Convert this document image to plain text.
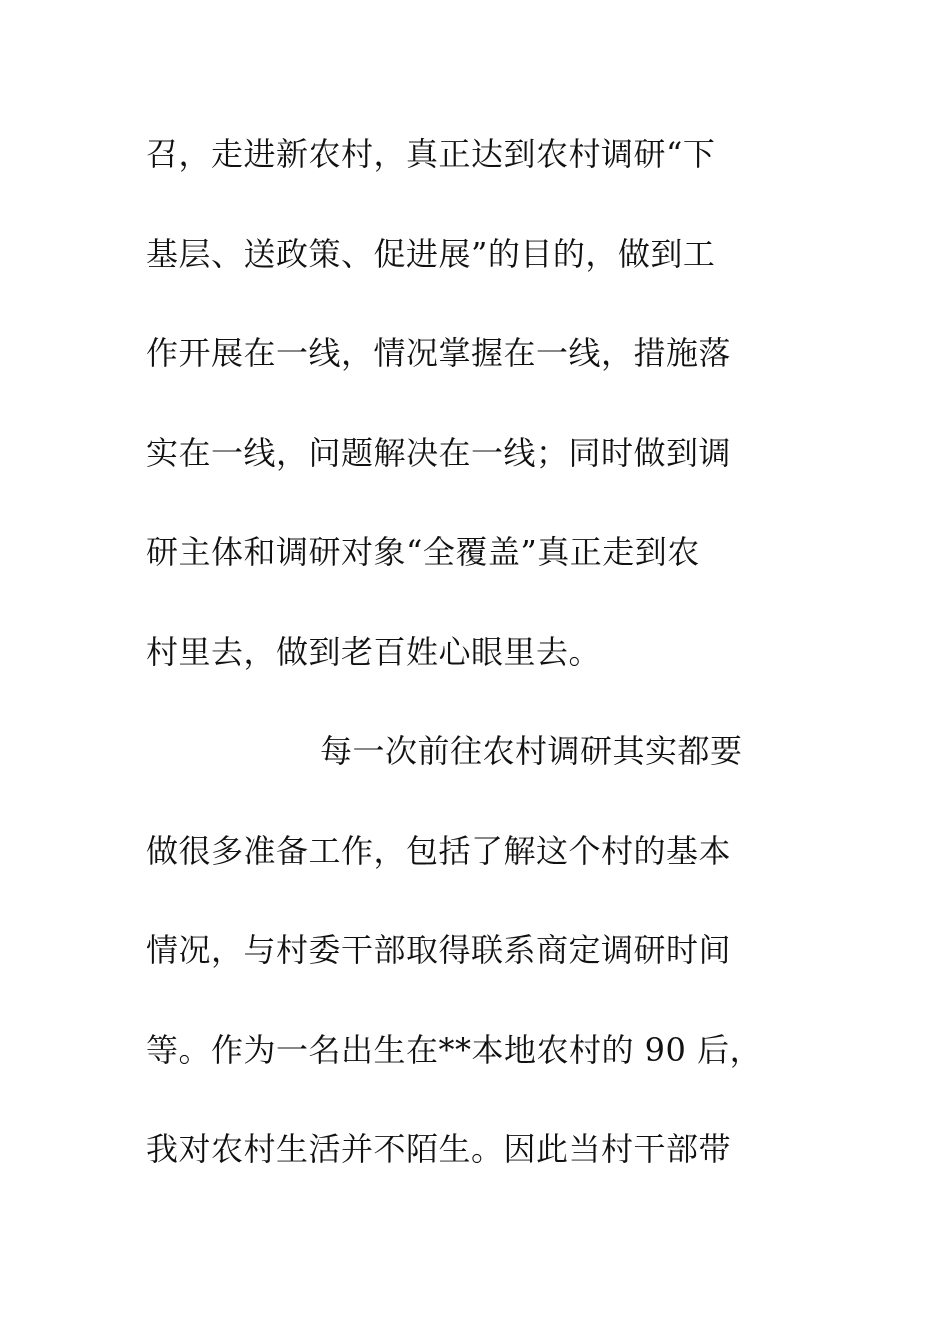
召，走进新农村，真正达到农村调研“下
基层、送政策、促进展”的目的，做到工
作开展在一线，情况掌握在一线，措施落
实在一线，问题解决在一线；同时做到调
研主体和调研对象“全覆盖”真正走到农
村里去，做到老百姓心眼里去。
每一次前往农村调研其实都要
做很多准备工作，包括了解这个村的基本
情况，与村委干部取得联系商定调研时间
等。作为一名出生在**本地农村的 90 后，
我对农村生活并不陌生。因此当村干部带
